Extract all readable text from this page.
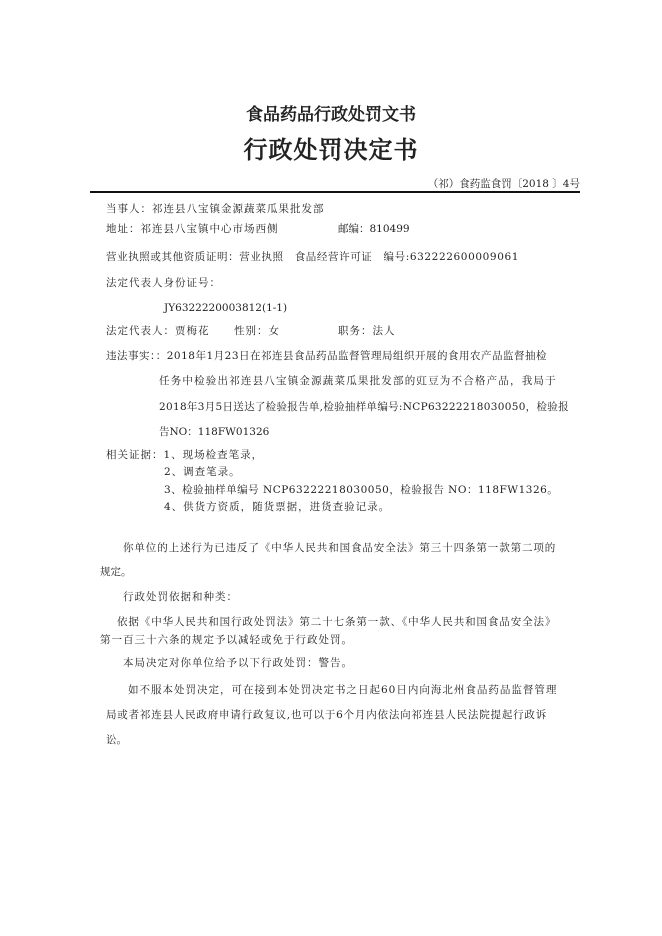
食品药品行政处罚文书
行政处罚决定书
（祁）食药监食罚〔2018 〕4号
当事人：祁连县八宝镇金源蔬菜瓜果批发部
地址：祁连县八宝镇中心市场西侧	邮编：810499
营业执照或其他资质证明：营业执照　食品经营许可证　编号:632222600009061
法定代表人身份证号：
JY6322220003812(1-1)
法定代表人：贾梅花 性别：女	职务：法人
违法事实：：2018年1月23日在祁连县食品药品监督管理局组织开展的食用农产品监督抽检
任务中检验出祁连县八宝镇金源蔬菜瓜果批发部的豇豆为不合格产品，我局于
2018年3月5日送达了检验报告单,检验抽样单编号:NCP63222218030050，检验报
告NO：118FW01326
相关证据：1、现场检查笔录，
2、调查笔录。
3、检验抽样单编号 NCP63222218030050，检验报告 NO：118FW1326。
4、供货方资质，随货票据，进货查验记录。
你单位的上述行为已违反了《中华人民共和国食品安全法》第三十四条第一款第二项的
规定。
行政处罚依据和种类：
依据《中华人民共和国行政处罚法》第二十七条第一款、《中华人民共和国食品安全法》
第一百三十六条的规定予以减轻或免于行政处罚。
本局决定对你单位给予以下行政处罚：警告。
如不服本处罚决定，可在接到本处罚决定书之日起60日内向海北州食品药品监督管理
局或者祁连县人民政府申请行政复议,也可以于6个月内依法向祁连县人民法院提起行政诉
讼。
